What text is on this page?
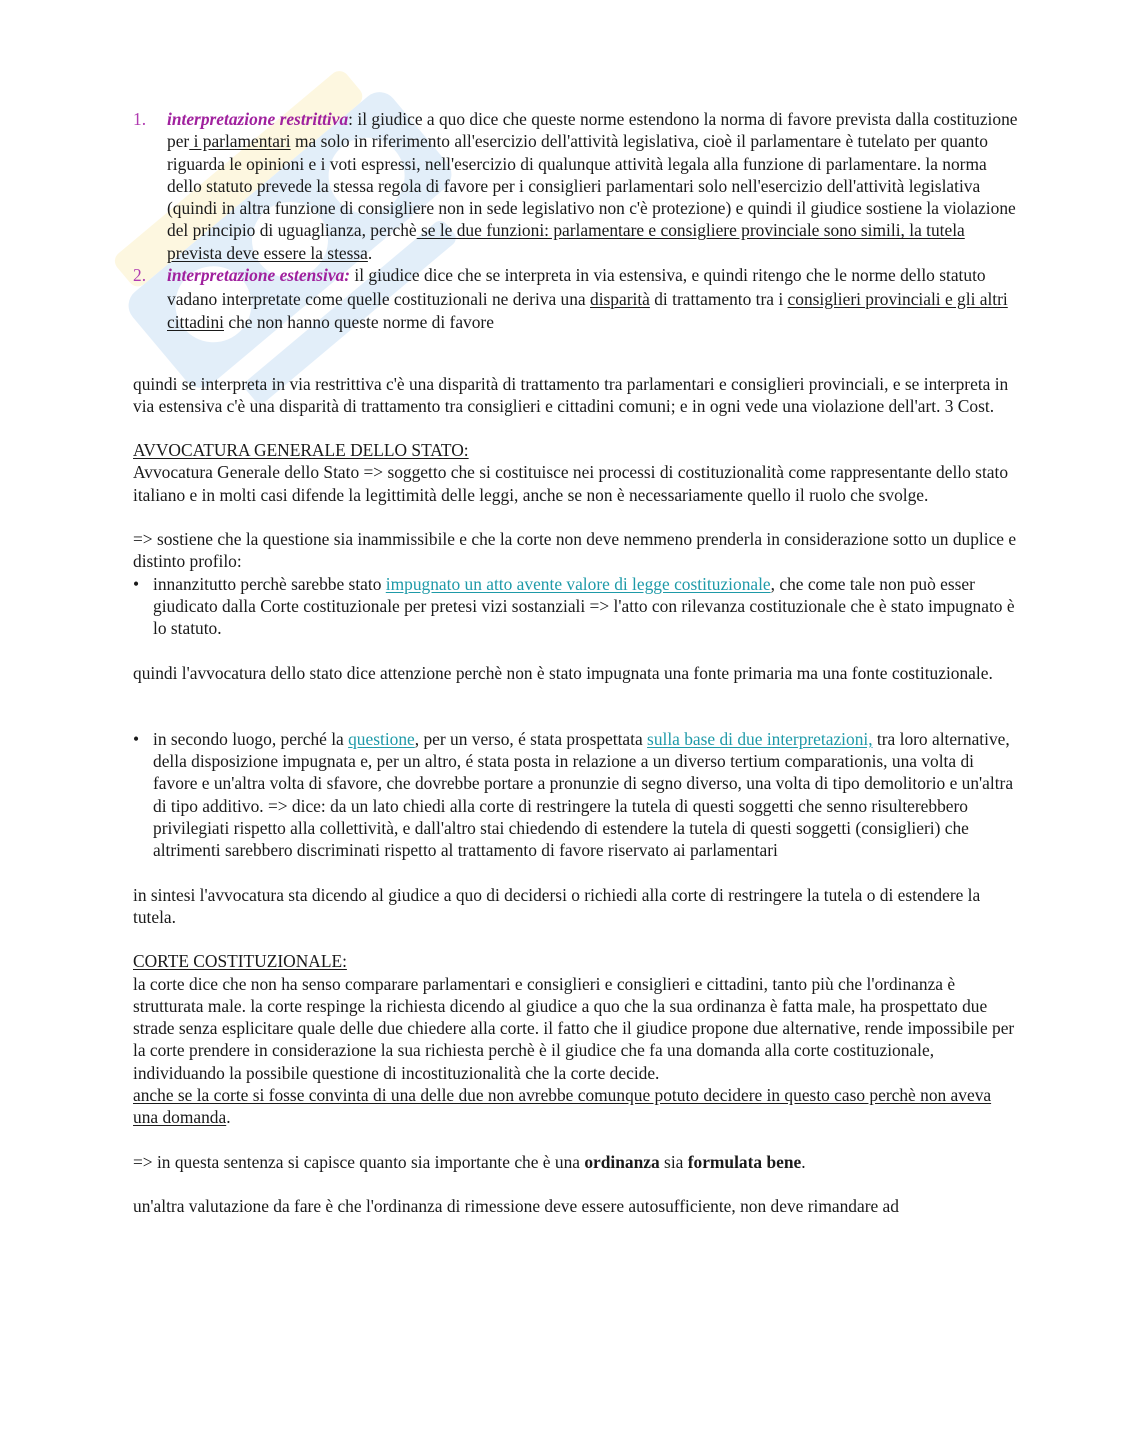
1. interpretazione restrittiva: il giudice a quo dice che queste norme estendono la norma di favore prevista dalla costituzione per i parlamentari ma solo in riferimento all'esercizio dell'attività legislativa, cioè il parlamentare è tutelato per quanto riguarda le opinioni e i voti espressi, nell'esercizio di qualunque attività legala alla funzione di parlamentare. la norma dello statuto prevede la stessa regola di favore per i consiglieri parlamentari solo nell'esercizio dell'attività legislativa (quindi in altra funzione di consigliere non in sede legislativo non c'è protezione) e quindi il giudice sostiene la violazione del principio di uguaglianza, perchè se le due funzioni: parlamentare e consigliere provinciale sono simili, la tutela prevista deve essere la stessa.
2. interpretazione estensiva: il giudice dice che se interpreta in via estensiva, e quindi ritengo che le norme dello statuto vadano interpretate come quelle costituzionali ne deriva una disparità di trattamento tra i consiglieri provinciali e gli altri cittadini che non hanno queste norme di favore

quindi se interpreta in via restrittiva c'è una disparità di trattamento tra parlamentari e consiglieri provinciali, e se interpreta in via estensiva c'è una disparità di trattamento tra consiglieri e cittadini comuni; e in ogni vede una violazione dell'art. 3 Cost.

AVVOCATURA GENERALE DELLO STATO:

Avvocatura Generale dello Stato => soggetto che si costituisce nei processi di costituzionalità come rappresentante dello stato italiano e in molti casi difende la legittimità delle leggi, anche se non è necessariamente quello il ruolo che svolge.

=> sostiene che la questione sia inammissibile e che la corte non deve nemmeno prenderla in considerazione sotto un duplice e distinto profilo:

• innanzitutto perchè sarebbe stato impugnato un atto avente valore di legge costituzionale, che come tale non può esser giudicato dalla Corte costituzionale per pretesi vizi sostanziali => l'atto con rilevanza costituzionale che è stato impugnato è lo statuto.

quindi l'avvocatura dello stato dice attenzione perchè non è stato impugnata una fonte primaria ma una fonte costituzionale.

• in secondo luogo, perché la questione, per un verso, é stata prospettata sulla base di due interpretazioni, tra loro alternative, della disposizione impugnata e, per un altro, é stata posta in relazione a un diverso tertium comparationis, una volta di favore e un'altra volta di sfavore, che dovrebbe portare a pronunzie di segno diverso, una volta di tipo demolitorio e un'altra di tipo additivo. => dice: da un lato chiedi alla corte di restringere la tutela di questi soggetti che senno risulterebbero privilegiati rispetto alla collettività, e dall'altro stai chiedendo di estendere la tutela di questi soggetti (consiglieri) che altrimenti sarebbero discriminati rispetto al trattamento di favore riservato ai parlamentari

in sintesi l'avvocatura sta dicendo al giudice a quo di decidersi o richiedi alla corte di restringere la tutela o di estendere la tutela.

CORTE COSTITUZIONALE:

la corte dice che non ha senso comparare parlamentari e consiglieri e consiglieri e cittadini, tanto più che l'ordinanza è strutturata male. la corte respinge la richiesta dicendo al giudice a quo che la sua ordinanza è fatta male, ha prospettato due strade senza esplicitare quale delle due chiedere alla corte. il fatto che il giudice propone due alternative, rende impossibile per la corte prendere in considerazione la sua richiesta perchè è il giudice che fa una domanda alla corte costituzionale, individuando la possibile questione di incostituzionalità che la corte decide.

anche se la corte si fosse convinta di una delle due non avrebbe comunque potuto decidere in questo caso perchè non aveva una domanda.

=> in questa sentenza si capisce quanto sia importante che è una ordinanza sia formulata bene.

un'altra valutazione da fare è che l'ordinanza di rimessione deve essere autosufficiente, non deve rimandare ad
